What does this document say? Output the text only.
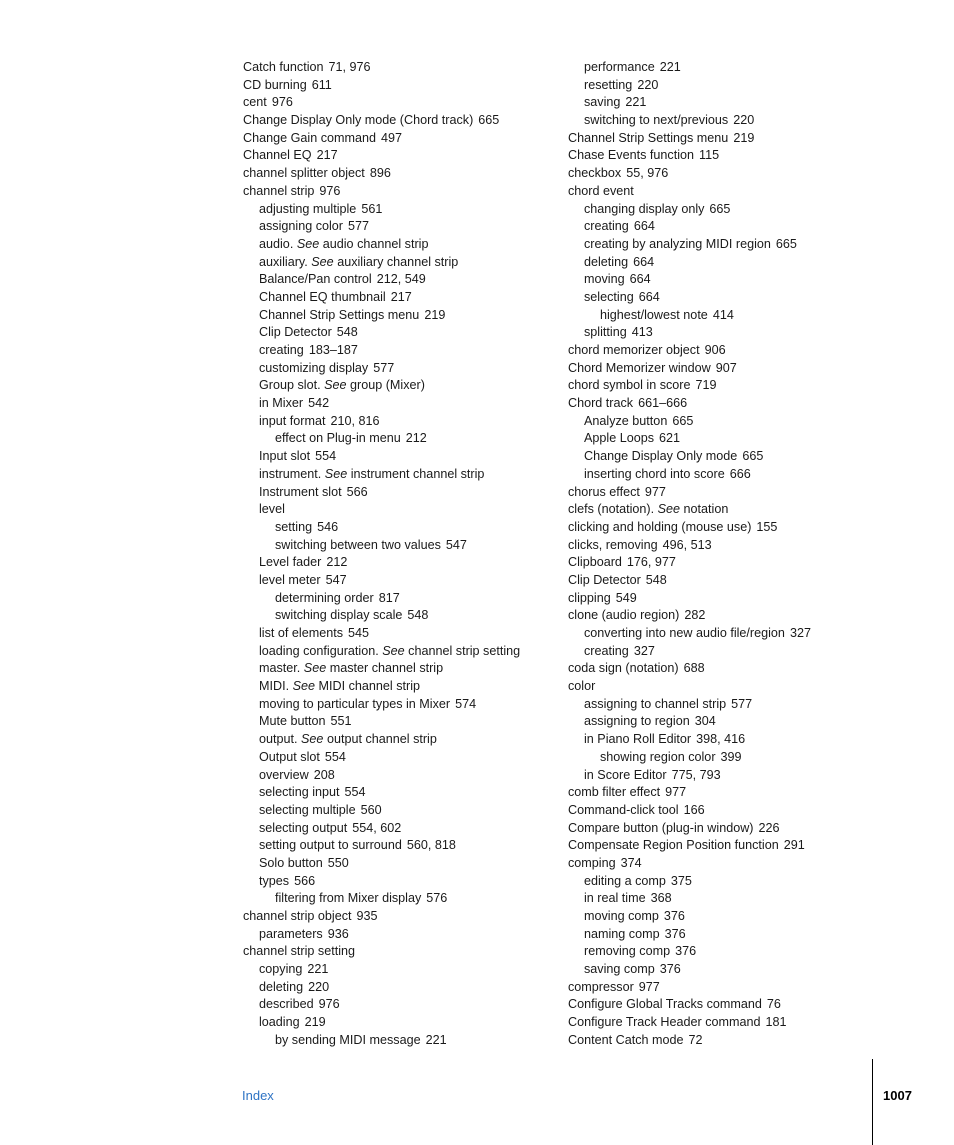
Catch function 71, 976
CD burning 611
cent 976
Change Display Only mode (Chord track) 665
Change Gain command 497
Channel EQ 217
channel splitter object 896
channel strip 976
adjusting multiple 561
assigning color 577
audio. See audio channel strip
auxiliary. See auxiliary channel strip
Balance/Pan control 212, 549
Channel EQ thumbnail 217
Channel Strip Settings menu 219
Clip Detector 548
creating 183–187
customizing display 577
Group slot. See group (Mixer)
in Mixer 542
input format 210, 816
effect on Plug-in menu 212
Input slot 554
instrument. See instrument channel strip
Instrument slot 566
level
setting 546
switching between two values 547
Level fader 212
level meter 547
determining order 817
switching display scale 548
list of elements 545
loading configuration. See channel strip setting
master. See master channel strip
MIDI. See MIDI channel strip
moving to particular types in Mixer 574
Mute button 551
output. See output channel strip
Output slot 554
overview 208
selecting input 554
selecting multiple 560
selecting output 554, 602
setting output to surround 560, 818
Solo button 550
types 566
filtering from Mixer display 576
channel strip object 935
parameters 936
channel strip setting
copying 221
deleting 220
described 976
loading 219
by sending MIDI message 221
performance 221
resetting 220
saving 221
switching to next/previous 220
Channel Strip Settings menu 219
Chase Events function 115
checkbox 55, 976
chord event
changing display only 665
creating 664
creating by analyzing MIDI region 665
deleting 664
moving 664
selecting 664
highest/lowest note 414
splitting 413
chord memorizer object 906
Chord Memorizer window 907
chord symbol in score 719
Chord track 661–666
Analyze button 665
Apple Loops 621
Change Display Only mode 665
inserting chord into score 666
chorus effect 977
clefs (notation). See notation
clicking and holding (mouse use) 155
clicks, removing 496, 513
Clipboard 176, 977
Clip Detector 548
clipping 549
clone (audio region) 282
converting into new audio file/region 327
creating 327
coda sign (notation) 688
color
assigning to channel strip 577
assigning to region 304
in Piano Roll Editor 398, 416
showing region color 399
in Score Editor 775, 793
comb filter effect 977
Command-click tool 166
Compare button (plug-in window) 226
Compensate Region Position function 291
comping 374
editing a comp 375
in real time 368
moving comp 376
naming comp 376
removing comp 376
saving comp 376
compressor 977
Configure Global Tracks command 76
Configure Track Header command 181
Content Catch mode 72
Index	1007
